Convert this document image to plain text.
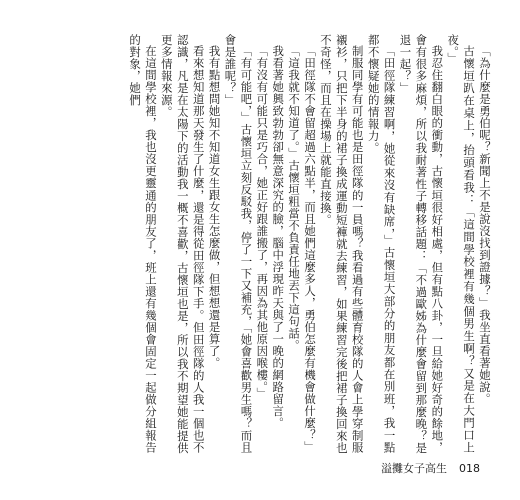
「為什麼是勇伯呢？新聞上不是說沒找到證據？」我坐直看著她說。

古懷垣趴在桌上，抬頭看我：「這間學校裡有幾個男生啊？又是在大門口上夜。」

我忍住翻白眼的衝動，古懷垣很好相處，但有點八卦，一旦給她好奇的餘地，會有很多麻煩，所以我耐著性子轉移話題：「不過歐姊為什麼會留到那麼晚？是退一起？」

「田徑隊練習啊，她從來沒有缺席，」古懷垣大部分的朋友都在別班，我一點都不懷疑她的情報力。

制服同學有可能也是田徑隊的一員嗎？我看過有些體育校隊的人會上學穿制服襯衫，只把下半身的裙子換成運動短褲就去練習，如果練習完後把裙子換回來也不奇怪，而且在操場上就能直接換。

「田徑隊不會留超過六點半，而且她們這麼多人，勇伯怎麼有機會做什麼？」

「這我就不知道了。」古懷垣粗當不負責任地丟下這句話。

我看著她興致勃勃卻無意深究的臉，腦中浮現昨天與了一晚的網路留言。

「有沒有可能只是巧合，她正好跟誰搬了，再因為其他原因喉樓。」

「有可能吧，」古懷垣立刻反駁我，停了一下又補充，「她會喜歡男生嗎？而且會是誰呢？」

我有點想問她知不知道女生跟女生怎麼做，但想想還是算了。

看來想知道那天發生了什麼，還是得從田徑隊下手。但田徑隊的人我一個也不認識，凡是在太陽下的活動我一概不喜歡，古懷垣也是，所以我不期望她能提供更多情報來源。

在這間學校裡，我也沒更靈通的朋友了，班上還有幾個會固定一起做分組報告的對象，她們

溢攤女子高生 018
